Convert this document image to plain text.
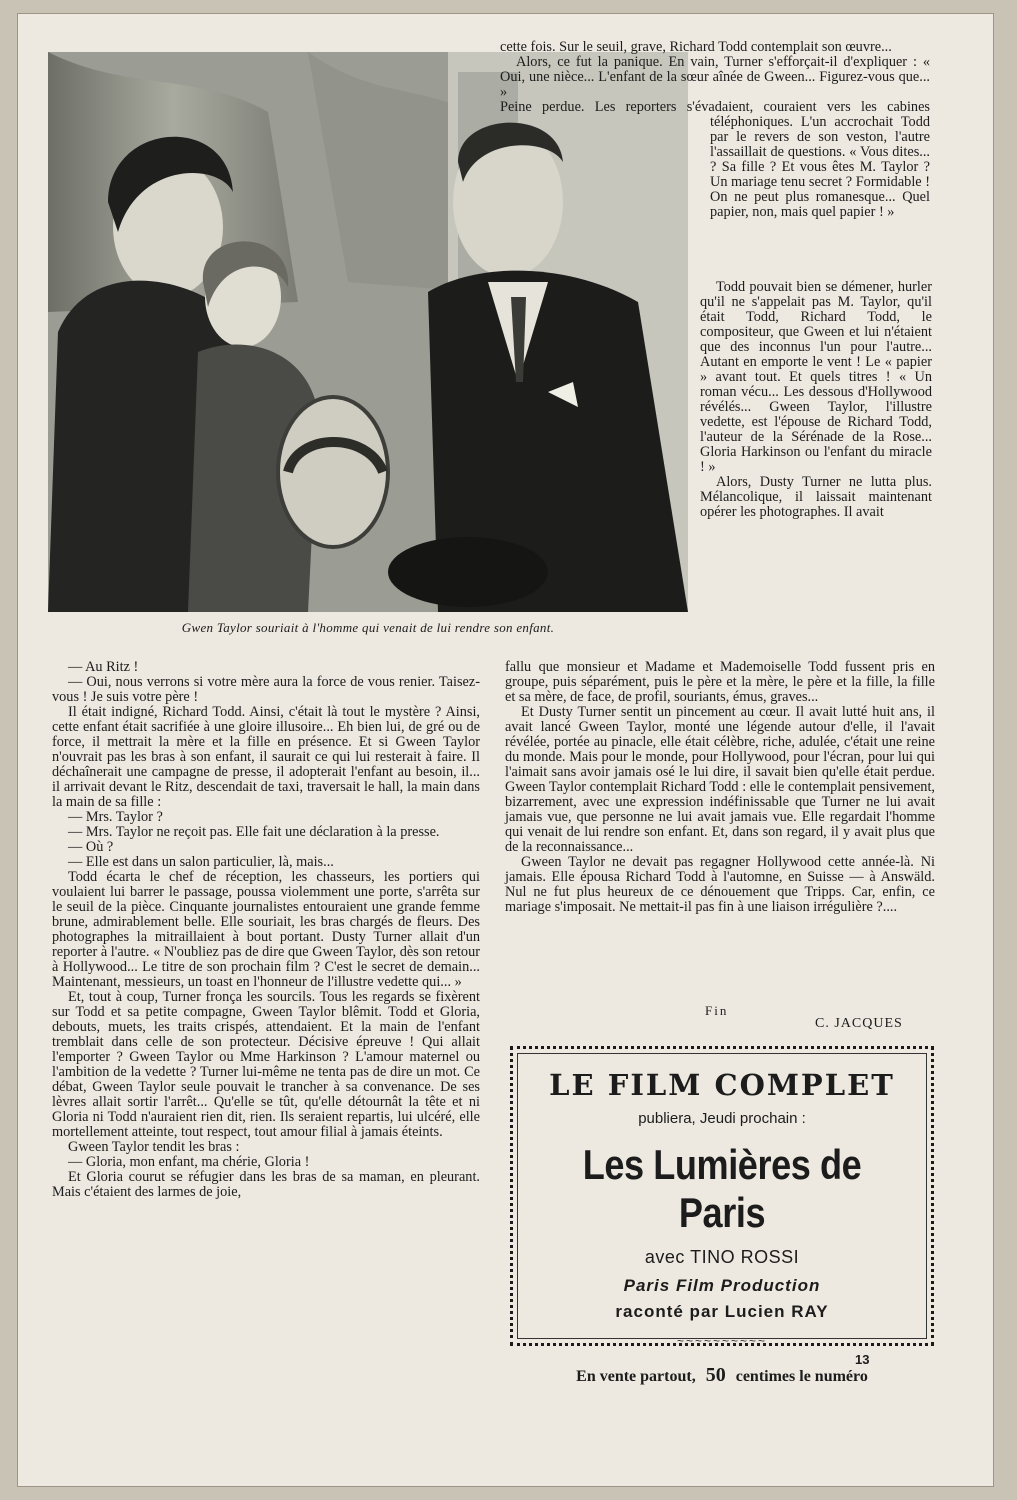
Gwen Taylor souriait à l'homme qui venait de lui rendre son enfant.

cette fois. Sur le seuil, grave, Richard Todd contemplait son œuvre...

Alors, ce fut la panique. En vain, Turner s'efforçait-il d'expliquer : « Oui, une nièce... L'enfant de la sœur aînée de Gween... Figurez-vous que... »

Peine perdue. Les reporters s'évadaient, couraient vers les cabines téléphoniques. L'un accrochait Todd par le revers de son veston, l'autre l'assaillait de questions. « Vous dites... ? Sa fille ? Et vous êtes M. Taylor ? Un mariage tenu secret ? Formidable ! On ne peut plus romanesque... Quel papier, non, mais quel papier ! »

Todd pouvait bien se démener, hurler qu'il ne s'appelait pas M. Taylor, qu'il était Todd, Richard Todd, le compositeur, que Gween et lui n'étaient que des inconnus l'un pour l'autre... Autant en emporte le vent ! Le « papier » avant tout. Et quels titres ! « Un roman vécu... Les dessous d'Hollywood révélés... Gween Taylor, l'illustre vedette, est l'épouse de Richard Todd, l'auteur de la Sérénade de la Rose... Gloria Harkinson ou l'enfant du miracle ! »

Alors, Dusty Turner ne lutta plus. Mélancolique, il laissait maintenant opérer les photographes. Il avait

— Au Ritz !

— Oui, nous verrons si votre mère aura la force de vous renier. Taisez-vous ! Je suis votre père !

Il était indigné, Richard Todd. Ainsi, c'était là tout le mystère ? Ainsi, cette enfant était sacrifiée à une gloire illusoire... Eh bien lui, de gré ou de force, il mettrait la mère et la fille en présence. Et si Gween Taylor n'ouvrait pas les bras à son enfant, il saurait ce qui lui resterait à faire. Il déchaînerait une campagne de presse, il adopterait l'enfant au besoin, il... il arrivait devant le Ritz, descendait de taxi, traversait le hall, la main dans la main de sa fille :

— Mrs. Taylor ?

— Mrs. Taylor ne reçoit pas. Elle fait une déclaration à la presse.

— Où ?

— Elle est dans un salon particulier, là, mais...

Todd écarta le chef de réception, les chasseurs, les portiers qui voulaient lui barrer le passage, poussa violemment une porte, s'arrêta sur le seuil de la pièce. Cinquante journalistes entouraient une grande femme brune, admirablement belle. Elle souriait, les bras chargés de fleurs. Des photographes la mitraillaient à bout portant. Dusty Turner allait d'un reporter à l'autre. « N'oubliez pas de dire que Gween Taylor, dès son retour à Hollywood... Le titre de son prochain film ? C'est le secret de demain... Maintenant, messieurs, un toast en l'honneur de l'illustre vedette qui... »

Et, tout à coup, Turner fronça les sourcils. Tous les regards se fixèrent sur Todd et sa petite compagne, Gween Taylor blêmit. Todd et Gloria, debouts, muets, les traits crispés, attendaient. Et la main de l'enfant tremblait dans celle de son protecteur. Décisive épreuve ! Qui allait l'emporter ? Gween Taylor ou Mme Harkinson ? L'amour maternel ou l'ambition de la vedette ? Turner lui-même ne tenta pas de dire un mot. Ce débat, Gween Taylor seule pouvait le trancher à sa convenance. De ses lèvres allait sortir l'arrêt... Qu'elle se tût, qu'elle détournât la tête et ni Gloria ni Todd n'auraient rien dit, rien. Ils seraient repartis, lui ulcéré, elle mortellement atteinte, tout respect, tout amour filial à jamais éteints.

Gween Taylor tendit les bras :

— Gloria, mon enfant, ma chérie, Gloria !

Et Gloria courut se réfugier dans les bras de sa maman, en pleurant. Mais c'étaient des larmes de joie,

fallu que monsieur et Madame et Mademoiselle Todd fussent pris en groupe, puis séparément, puis le père et la mère, le père et la fille, la fille et sa mère, de face, de profil, souriants, émus, graves...

Et Dusty Turner sentit un pincement au cœur. Il avait lutté huit ans, il avait lancé Gween Taylor, monté une légende autour d'elle, il l'avait révélée, portée au pinacle, elle était célèbre, riche, adulée, c'était une reine du monde. Mais pour le monde, pour Hollywood, pour l'écran, pour lui qui l'aimait sans avoir jamais osé le lui dire, il savait bien qu'elle était perdue. Gween Taylor contemplait Richard Todd : elle le contemplait pensivement, bizarrement, avec une expression indéfinissable que Turner ne lui avait jamais vue, que personne ne lui avait jamais vue. Elle regardait l'homme qui venait de lui rendre son enfant. Et, dans son regard, il y avait plus que de la reconnaissance...

Gween Taylor ne devait pas regagner Hollywood cette année-là. Ni jamais. Elle épousa Richard Todd à l'automne, en Suisse — à Answäld. Nul ne fut plus heureux de ce dénouement que Tripps. Car, enfin, ce mariage s'imposait. Ne mettait-il pas fin à une liaison irrégulière ?....

Fin
C. JACQUES
LE FILM COMPLET
publiera, Jeudi prochain :
Les Lumières de Paris
avec TINO ROSSI
Paris Film Production
raconté par Lucien RAY
~~~~~~~~~~
En vente partout, 50 centimes le numéro
13
